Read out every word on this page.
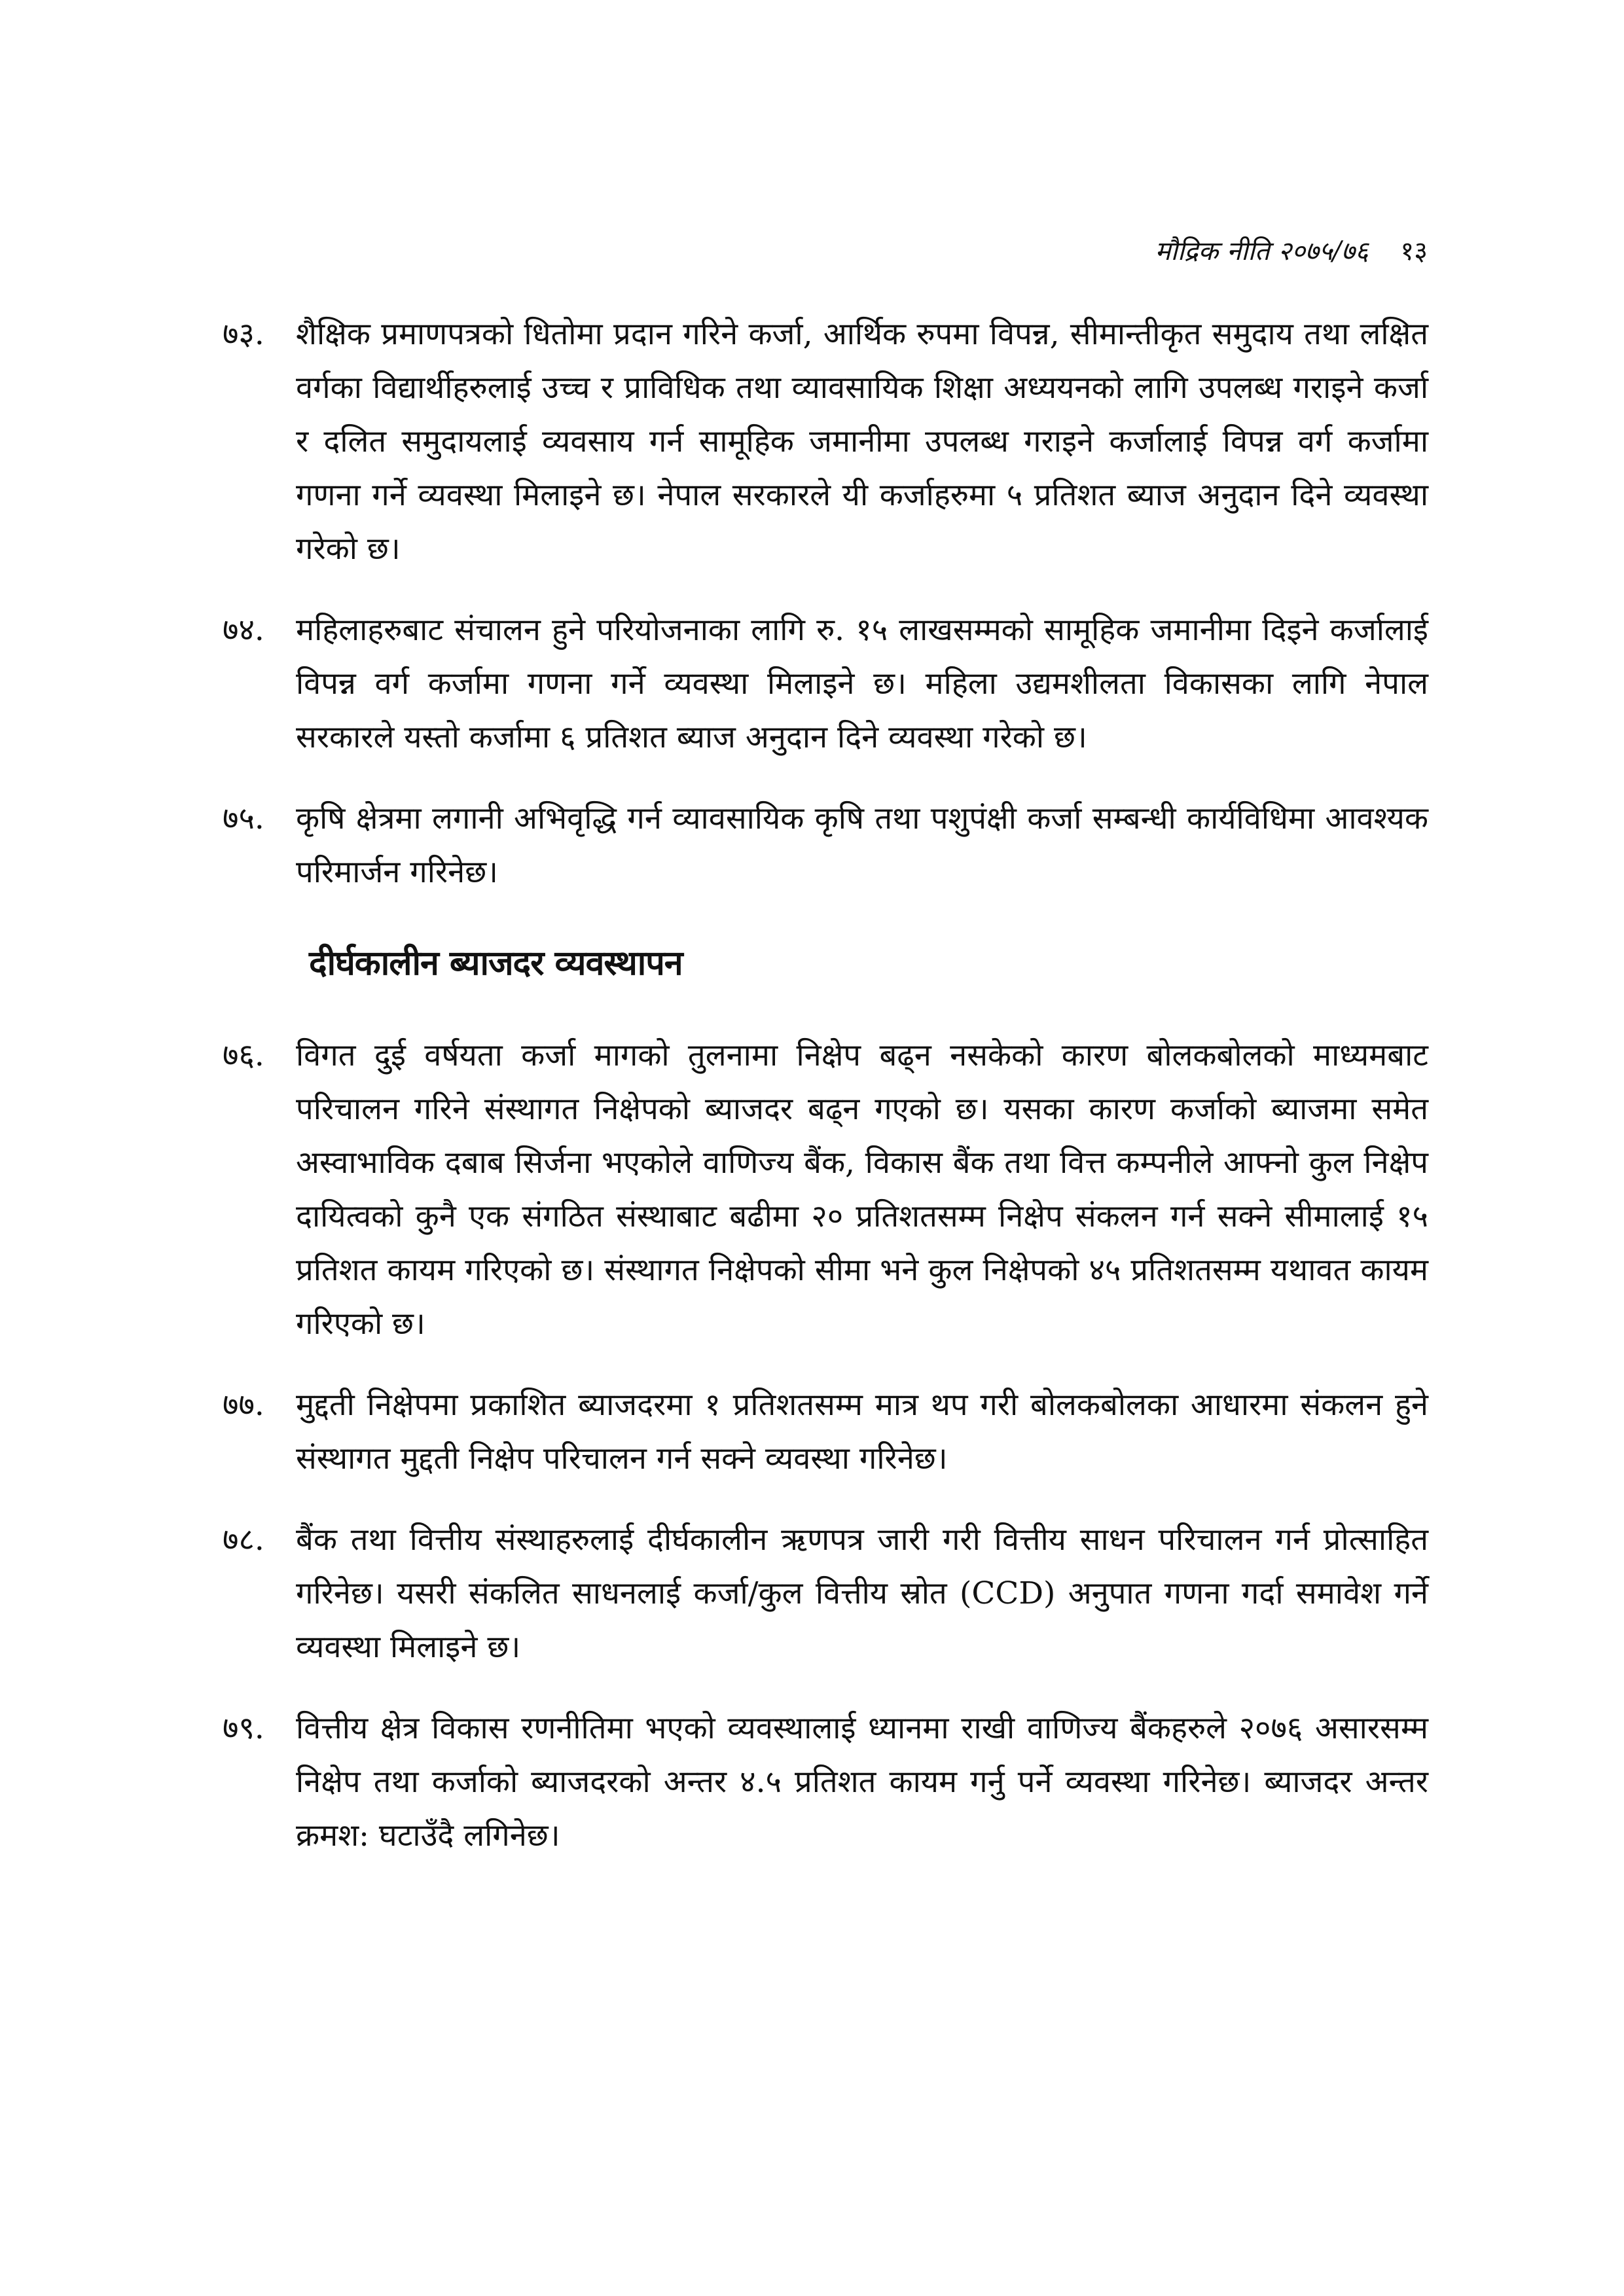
मौद्रिक नीति २०७५/७६ १३
७३. शैक्षिक प्रमाणपत्रको धितोमा प्रदान गरिने कर्जा, आर्थिक रुपमा विपन्न, सीमान्तीकृत समुदाय तथा लक्षित वर्गका विद्यार्थीहरुलाई उच्च र प्राविधिक तथा व्यावसायिक शिक्षा अध्ययनको लागि उपलब्ध गराइने कर्जा र दलित समुदायलाई व्यवसाय गर्न सामूहिक जमानीमा उपलब्ध गराइने कर्जालाई विपन्न वर्ग कर्जामा गणना गर्ने व्यवस्था मिलाइने छ। नेपाल सरकारले यी कर्जाहरुमा ५ प्रतिशत ब्याज अनुदान दिने व्यवस्था गरेको छ।
७४. महिलाहरुबाट संचालन हुने परियोजनाका लागि रु. १५ लाखसम्मको सामूहिक जमानीमा दिइने कर्जालाई विपन्न वर्ग कर्जामा गणना गर्ने व्यवस्था मिलाइने छ। महिला उद्यमशीलता विकासका लागि नेपाल सरकारले यस्तो कर्जामा ६ प्रतिशत ब्याज अनुदान दिने व्यवस्था गरेको छ।
७५. कृषि क्षेत्रमा लगानी अभिवृद्धि गर्न व्यावसायिक कृषि तथा पशुपंक्षी कर्जा सम्बन्धी कार्यविधिमा आवश्यक परिमार्जन गरिनेछ।
दीर्घकालीन ब्याजदर व्यवस्थापन
७६. विगत दुई वर्षयता कर्जा मागको तुलनामा निक्षेप बढ्न नसकेको कारण बोलकबोलको माध्यमबाट परिचालन गरिने संस्थागत निक्षेपको ब्याजदर बढ्न गएको छ। यसका कारण कर्जाको ब्याजमा समेत अस्वाभाविक दबाब सिर्जना भएकोले वाणिज्य बैंक, विकास बैंक तथा वित्त कम्पनीले आफ्नो कुल निक्षेप दायित्वको कुनै एक संगठित संस्थाबाट बढीमा २० प्रतिशतसम्म निक्षेप संकलन गर्न सक्ने सीमालाई १५ प्रतिशत कायम गरिएको छ। संस्थागत निक्षेपको सीमा भने कुल निक्षेपको ४५ प्रतिशतसम्म यथावत कायम गरिएको छ।
७७. मुद्दती निक्षेपमा प्रकाशित ब्याजदरमा १ प्रतिशतसम्म मात्र थप गरी बोलकबोलका आधारमा संकलन हुने संस्थागत मुद्दती निक्षेप परिचालन गर्न सक्ने व्यवस्था गरिनेछ।
७८. बैंक तथा वित्तीय संस्थाहरुलाई दीर्घकालीन ऋणपत्र जारी गरी वित्तीय साधन परिचालन गर्न प्रोत्साहित गरिनेछ। यसरी संकलित साधनलाई कर्जा/कुल वित्तीय स्रोत (CCD) अनुपात गणना गर्दा समावेश गर्ने व्यवस्था मिलाइने छ।
७९. वित्तीय क्षेत्र विकास रणनीतिमा भएको व्यवस्थालाई ध्यानमा राखी वाणिज्य बैंकहरुले २०७६ असारसम्म निक्षेप तथा कर्जाको ब्याजदरको अन्तर ४.५ प्रतिशत कायम गर्नु पर्ने व्यवस्था गरिनेछ। ब्याजदर अन्तर क्रमश: घटाउँदै लगिनेछ।
